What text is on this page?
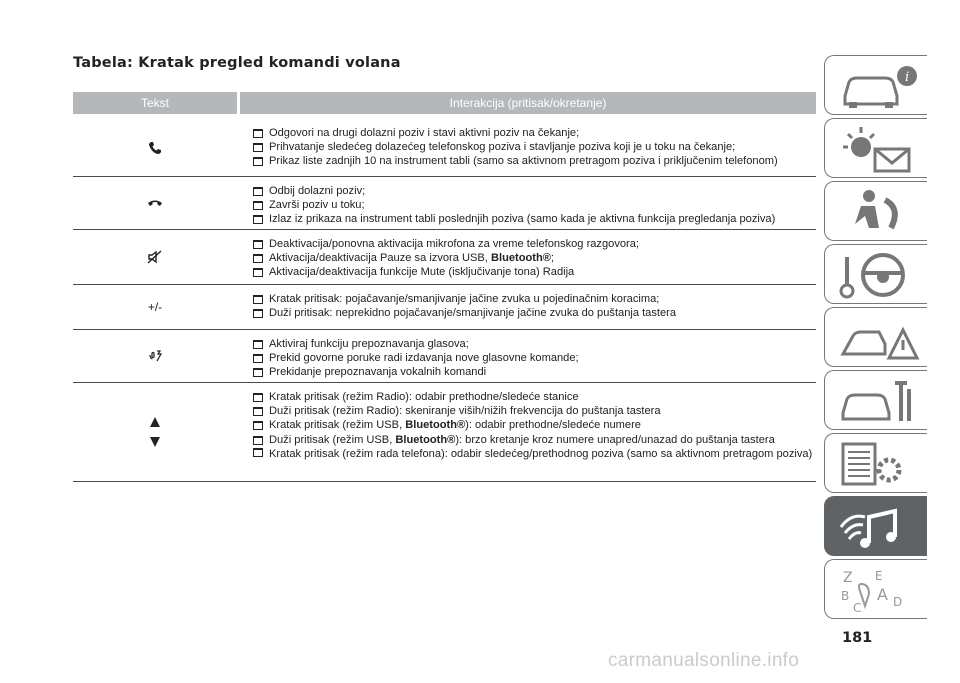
Tabela: Kratak pregled komandi volana
Tekst	Interakcija (pritisak/okretanje)
Odgovori na drugi dolazni poziv i stavi aktivni poziv na čekanje;
Prihvatanje sledećeg dolazećeg telefonskog poziva i stavljanje poziva koji je u toku na čekanje;
Prikaz liste zadnjih 10 na instrument tabli (samo sa aktivnom pretragom poziva i priključenim telefonom)
Odbij dolazni poziv;
Završi poziv u toku;
Izlaz iz prikaza na instrument tabli poslednjih poziva (samo kada je aktivna funkcija pregledanja poziva)
Deaktivacija/ponovna aktivacija mikrofona za vreme telefonskog razgovora;
Aktivacija/deaktivacija Pauze sa izvora USB, Bluetooth®;
Aktivacija/deaktivacija funkcije Mute (isključivanje tona) Radija
+/-
Kratak pritisak: pojačavanje/smanjivanje jačine zvuka u pojedinačnim koracima;
Duži pritisak: neprekidno pojačavanje/smanjivanje jačine zvuka do puštanja tastera
Aktiviraj funkciju prepoznavanja glasova;
Prekid govorne poruke radi izdavanja nove glasovne komande;
Prekidanje prepoznavanja vokalnih komandi
Kratak pritisak (režim Radio): odabir prethodne/sledeće stanice
Duži pritisak (režim Radio): skeniranje viših/nižih frekvencija do puštanja tastera
Kratak pritisak (režim USB, Bluetooth®): odabir prethodne/sledeće numere
Duži pritisak (režim USB, Bluetooth®): brzo kretanje kroz numere unapred/unazad do puštanja tastera
Kratak pritisak (režim rada telefona): odabir sledećeg/prethodnog poziva (samo sa aktivnom pretragom poziva)
i
Z E
B A
C	D
181
carmanualsonline.info
